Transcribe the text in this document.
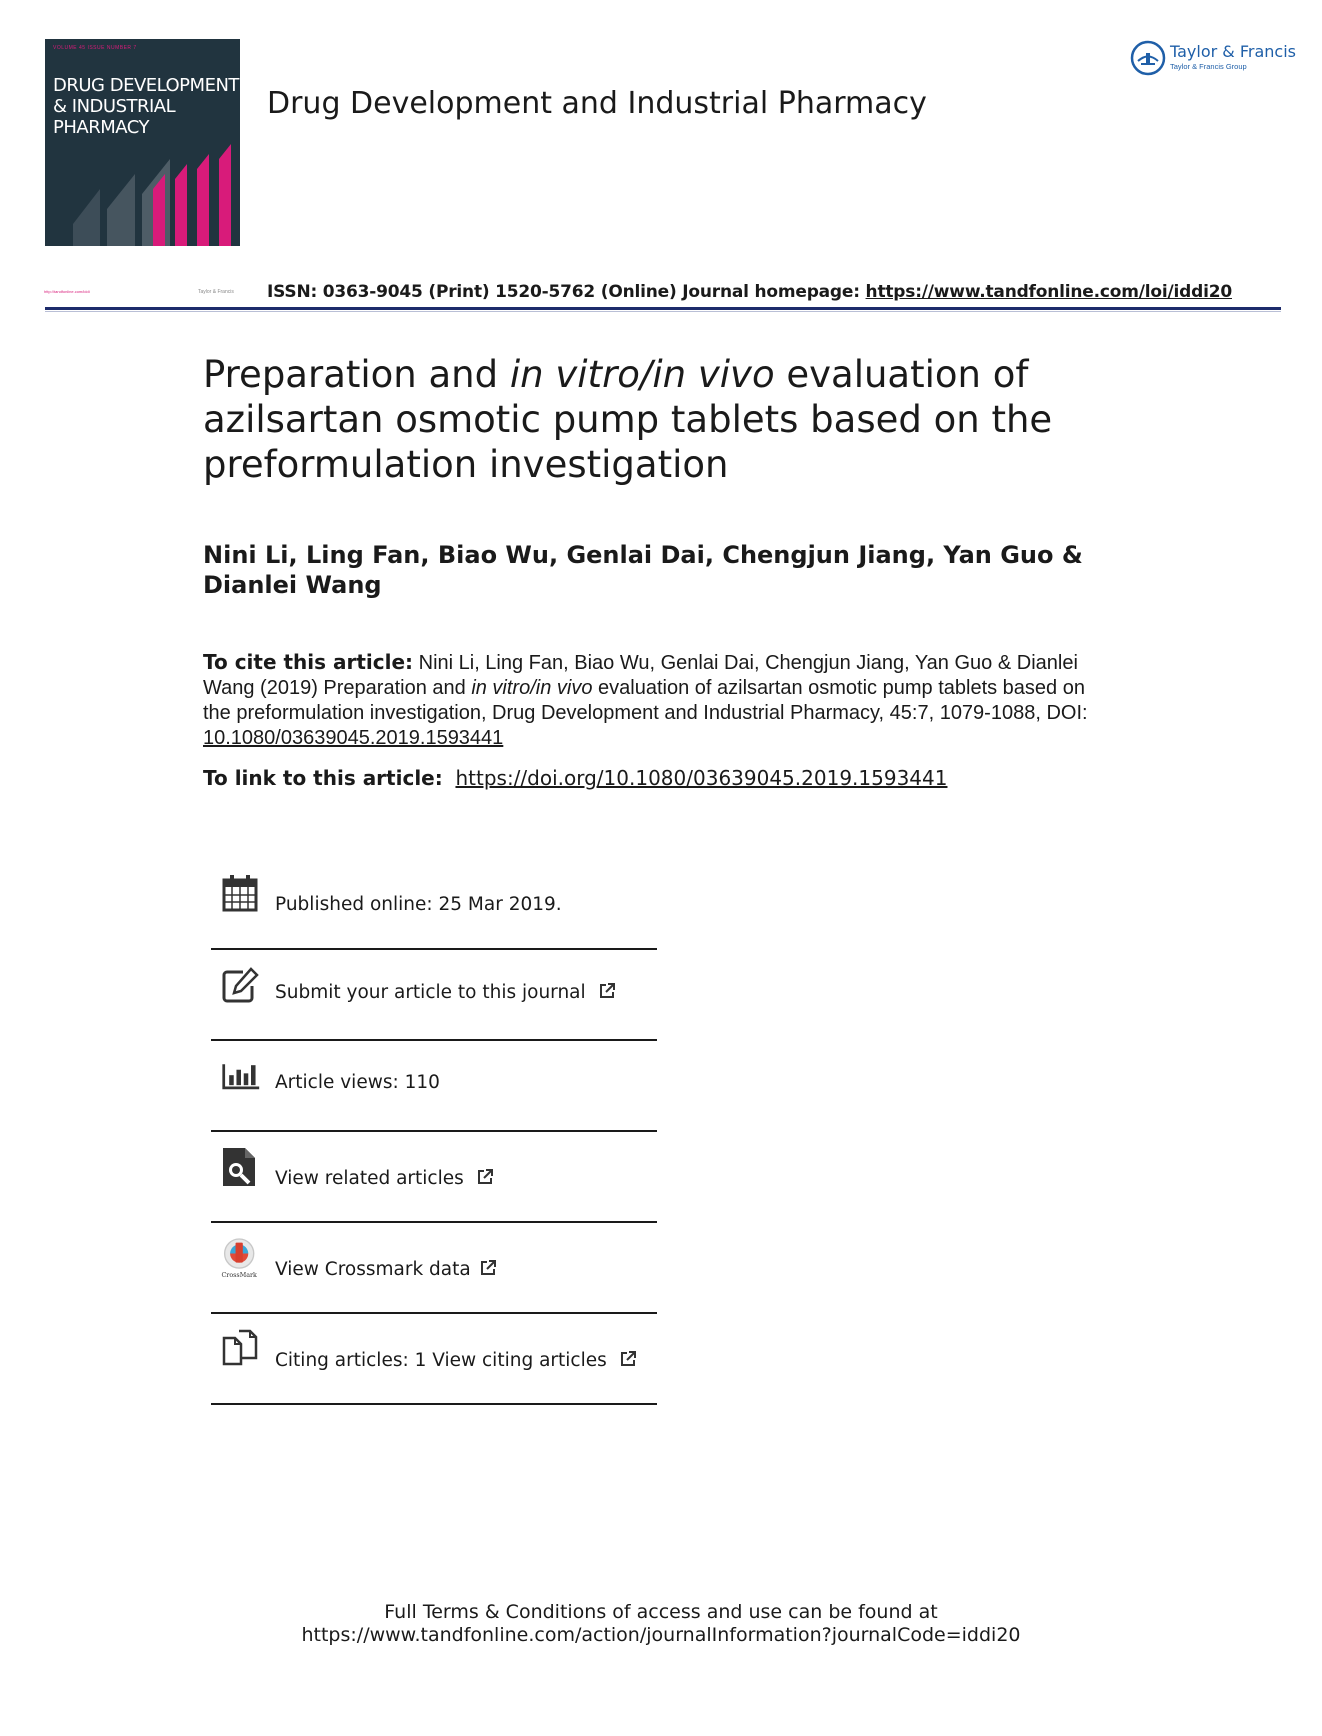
VOLUME 45 ISSUE NUMBER 7
DRUG DEVELOPMENT
& INDUSTRIAL
PHARMACY
Drug Development and Industrial Pharmacy
Taylor & Francis
Taylor & Francis Group
http://tandfonline.com/iddi	Taylor & Francis ISSN: 0363-9045 (Print) 1520-5762 (Online) Journal homepage: https://www.tandfonline.com/loi/iddi20
Preparation and in vitro/in vivo evaluation of azilsartan osmotic pump tablets based on the preformulation investigation
Nini Li, Ling Fan, Biao Wu, Genlai Dai, Chengjun Jiang, Yan Guo & Dianlei Wang
To cite this article: Nini Li, Ling Fan, Biao Wu, Genlai Dai, Chengjun Jiang, Yan Guo & Dianlei Wang (2019) Preparation and in vitro/in vivo evaluation of azilsartan osmotic pump tablets based on the preformulation investigation, Drug Development and Industrial Pharmacy, 45:7, 1079-1088, DOI: 10.1080/03639045.2019.1593441
To link to this article: https://doi.org/10.1080/03639045.2019.1593441
Published online: 25 Mar 2019.
Submit your article to this journal
Article views: 110
View related articles
CrossMark View Crossmark data
Citing articles: 1 View citing articles
Full Terms & Conditions of access and use can be found at
https://www.tandfonline.com/action/journalInformation?journalCode=iddi20
